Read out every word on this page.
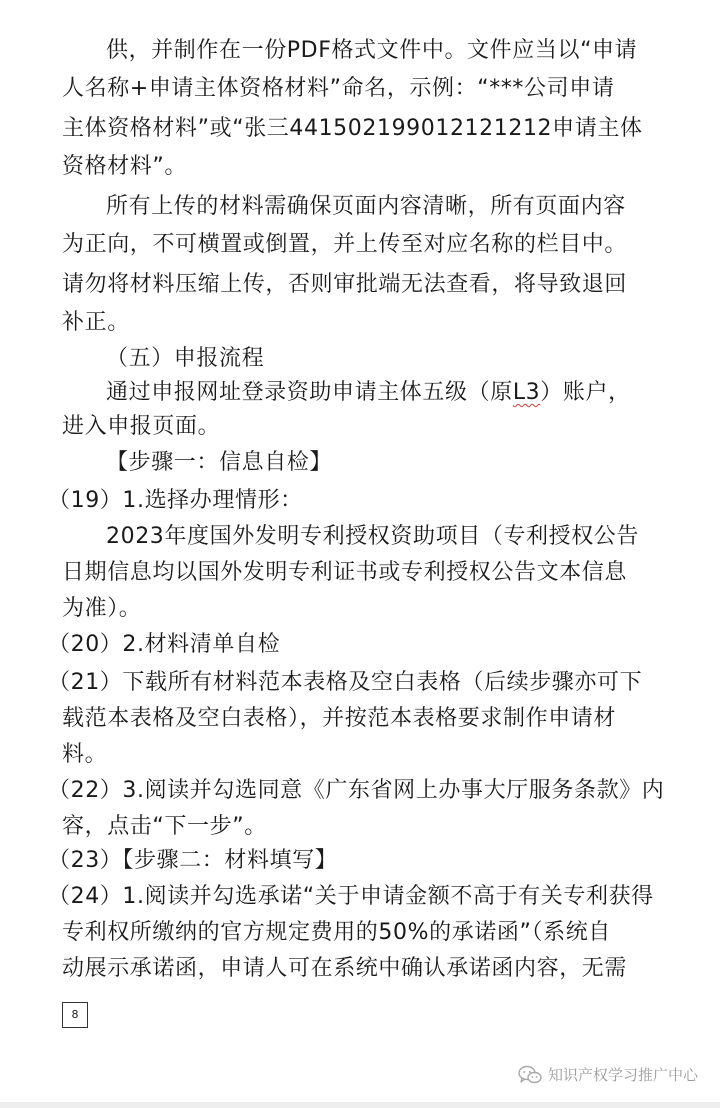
供，并制作在一份PDF格式文件中。文件应当以“申请
人名称+申请主体资格材料”命名，示例：“***公司申请
主体资格材料”或“张三441502199012121212申请主体
资格材料”。
所有上传的材料需确保页面内容清晰，所有页面内容
为正向，不可横置或倒置，并上传至对应名称的栏目中。
请勿将材料压缩上传，否则审批端无法查看，将导致退回
补正。
（五）申报流程
通过申报网址登录资助申请主体五级（原L3）账户，
进入申报页面。
【步骤一：信息自检】
（19）1.选择办理情形：
2023年度国外发明专利授权资助项目（专利授权公告
日期信息均以国外发明专利证书或专利授权公告文本信息
为准）。
（20）2.材料清单自检
（21）下载所有材料范本表格及空白表格（后续步骤亦可下
载范本表格及空白表格），并按范本表格要求制作申请材
料。
（22）3.阅读并勾选同意《广东省网上办事大厅服务条款》内
容，点击“下一步”。
（23）【步骤二：材料填写】
（24）1.阅读并勾选承诺“关于申请金额不高于有关专利获得
专利权所缴纳的官方规定费用的50%的承诺函”（系统自
动展示承诺函，申请人可在系统中确认承诺函内容，无需
8
知识产权学习推广中心
